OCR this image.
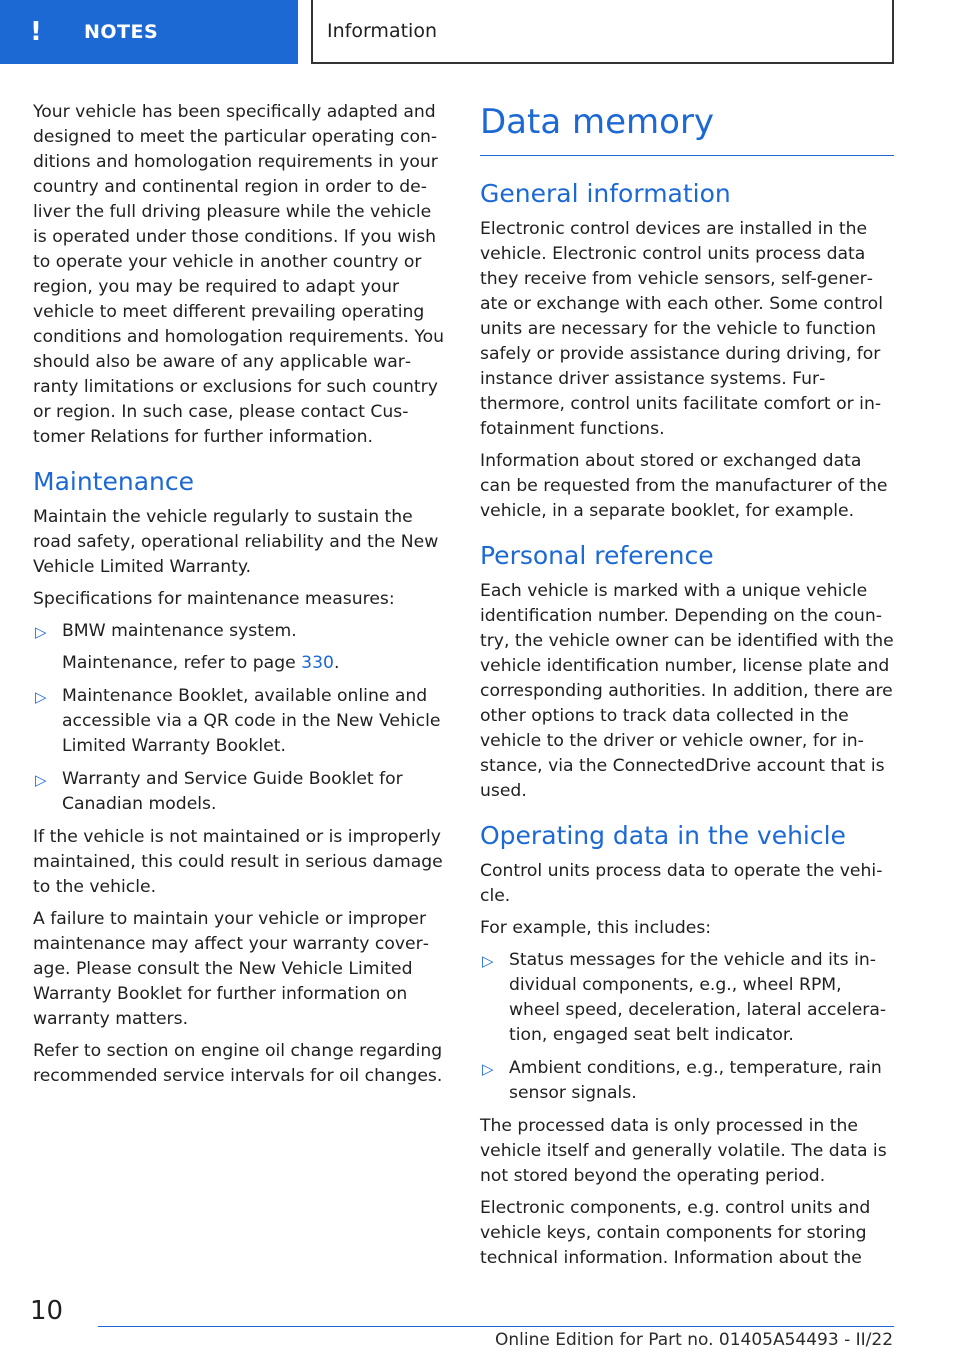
!	NOTES	Information

Your vehicle has been specifically adapted and designed to meet the particular operating conditions and homologation requirements in your country and continental region in order to deliver the full driving pleasure while the vehicle is operated under those conditions. If you wish to operate your vehicle in another country or region, you may be required to adapt your vehicle to meet different prevailing operating conditions and homologation requirements. You should also be aware of any applicable warranty limitations or exclusions for such country or region. In such case, please contact Customer Relations for further information.

Maintenance

Maintain the vehicle regularly to sustain the road safety, operational reliability and the New Vehicle Limited Warranty.

Specifications for maintenance measures:

▷ BMW maintenance system.
Maintenance, refer to page 330.
▷ Maintenance Booklet, available online and accessible via a QR code in the New Vehicle Limited Warranty Booklet.
▷ Warranty and Service Guide Booklet for Canadian models.

If the vehicle is not maintained or is improperly maintained, this could result in serious damage to the vehicle.

A failure to maintain your vehicle or improper maintenance may affect your warranty coverage. Please consult the New Vehicle Limited Warranty Booklet for further information on warranty matters.

Refer to section on engine oil change regarding recommended service intervals for oil changes.

Data memory
General information

Electronic control devices are installed in the vehicle. Electronic control units process data they receive from vehicle sensors, self-generate or exchange with each other. Some control units are necessary for the vehicle to function safely or provide assistance during driving, for instance driver assistance systems. Furthermore, control units facilitate comfort or infotainment functions.

Information about stored or exchanged data can be requested from the manufacturer of the vehicle, in a separate booklet, for example.

Personal reference

Each vehicle is marked with a unique vehicle identification number. Depending on the country, the vehicle owner can be identified with the vehicle identification number, license plate and corresponding authorities. In addition, there are other options to track data collected in the vehicle to the driver or vehicle owner, for instance, via the ConnectedDrive account that is used.

Operating data in the vehicle

Control units process data to operate the vehicle.

For example, this includes:

▷ Status messages for the vehicle and its individual components, e.g., wheel RPM, wheel speed, deceleration, lateral acceleration, engaged seat belt indicator.
▷ Ambient conditions, e.g., temperature, rain sensor signals.

The processed data is only processed in the vehicle itself and generally volatile. The data is not stored beyond the operating period.

Electronic components, e.g. control units and vehicle keys, contain components for storing technical information. Information about the

10
Online Edition for Part no. 01405A54493 - II/22
